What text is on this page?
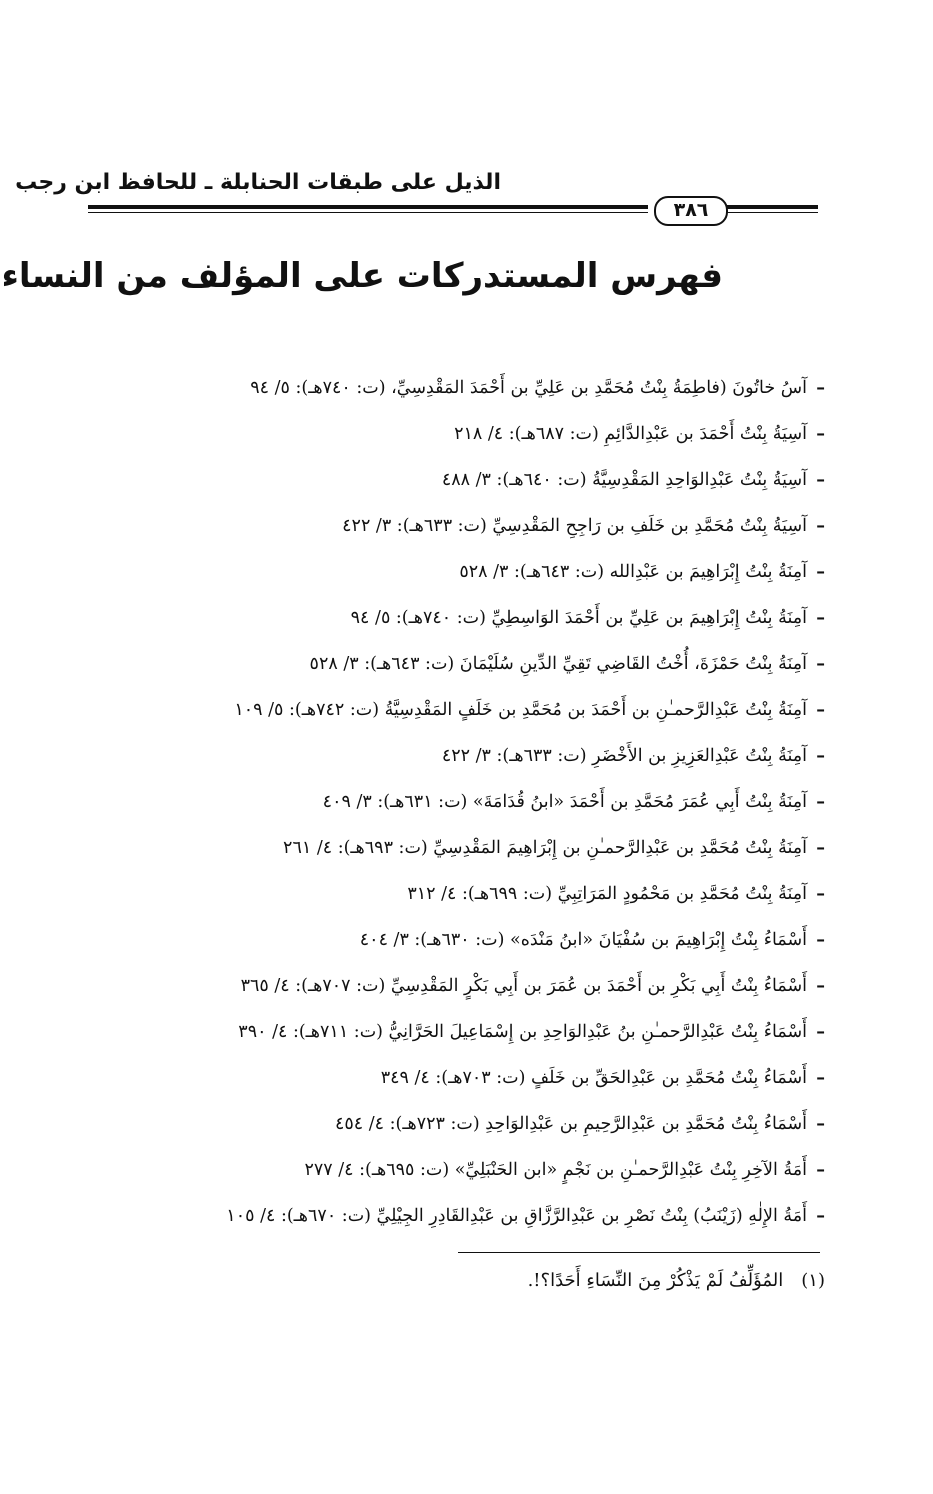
الذيل على طبقات الحنابلة ـ للحافظ ابن رجب
٣٨٦
فهرس المستدركات على المؤلف من النساء
–آسُ خاتُونَ (فاطِمَةُ بِنْتُ مُحَمَّدِ بن عَلِيِّ بن أَحْمَدَ المَقْدِسِيِّ، (ت: ٧٤٠هـ): ٥/ ٩٤
–آسِيَةُ بِنْتُ أَحْمَدَ بن عَبْدِالدَّائِمِ (ت: ٦٨٧هـ): ٤/ ٢١٨
–آسِيَةُ بِنْتُ عَبْدِالوَاحِدِ المَقْدِسِيَّةُ (ت: ٦٤٠هـ): ٣/ ٤٨٨
–آسِيَةُ بِنْتُ مُحَمَّدِ بن خَلَفِ بن رَاجِحِ المَقْدِسِيِّ (ت: ٦٣٣هـ): ٣/ ٤٢٢
–آمِنَةُ بِنْتُ إِبْرَاهِيمَ بن عَبْدِالله (ت: ٦٤٣هـ): ٣/ ٥٢٨
–آمِنَةُ بِنْتُ إِبْرَاهِيمَ بن عَلِيِّ بن أَحْمَدَ الوَاسِطِيِّ (ت: ٧٤٠هـ): ٥/ ٩٤
–آمِنَةُ بِنْتُ حَمْزَةَ، أُخْتُ القَاضِي تَقِيِّ الدِّينِ سُلَيْمَانَ (ت: ٦٤٣هـ): ٣/ ٥٢٨
–آمِنَةُ بِنْتُ عَبْدِالرَّحمـٰنِ بن أَحْمَدَ بن مُحَمَّدِ بن خَلَفٍ المَقْدِسِيَّةُ (ت: ٧٤٢هـ): ٥/ ١٠٩
–آمِنَةُ بِنْتُ عَبْدِالعَزِيزِ بن الأَخْضَرِ (ت: ٦٣٣هـ): ٣/ ٤٢٢
–آمِنَةُ بِنْتُ أَبِي عُمَرَ مُحَمَّدِ بن أَحْمَدَ «ابنُ قُدَامَةَ» (ت: ٦٣١هـ): ٣/ ٤٠٩
–آمِنَةُ بِنْتُ مُحَمَّدِ بن عَبْدِالرَّحمـٰنِ بن إِبْرَاهِيمَ المَقْدِسِيِّ (ت: ٦٩٣هـ): ٤/ ٢٦١
–آمِنَةُ بِنْتُ مُحَمَّدِ بن مَحْمُودٍ المَرَاتِبِيِّ (ت: ٦٩٩هـ): ٤/ ٣١٢
–أَسْمَاءُ بِنْتُ إِبْرَاهِيمَ بن سُفْيَانَ «ابنُ مَنْدَه» (ت: ٦٣٠هـ): ٣/ ٤٠٤
–أَسْمَاءُ بِنْتُ أَبِي بَكْرِ بن أَحْمَدَ بن عُمَرَ بن أَبِي بَكْرٍ المَقْدِسِيِّ (ت: ٧٠٧هـ): ٤/ ٣٦٥
–أَسْمَاءُ بِنْتُ عَبْدِالرَّحمـٰنِ بنُ عَبْدِالوَاحِدِ بن إِسْمَاعِيلَ الحَرَّانِيُّ (ت: ٧١١هـ): ٤/ ٣٩٠
–أَسْمَاءُ بِنْتُ مُحَمَّدِ بن عَبْدِالحَقِّ بن خَلَفٍ (ت: ٧٠٣هـ): ٤/ ٣٤٩
–أَسْمَاءُ بِنْتُ مُحَمَّدِ بن عَبْدِالرَّحِيمِ بن عَبْدِالوَاحِدِ (ت: ٧٢٣هـ): ٤/ ٤٥٤
–أَمَةُ الآخِرِ بِنْتُ عَبْدِالرَّحمـٰنِ بن نَجْمٍ «ابن الحَنْبَلِيِّ» (ت: ٦٩٥هـ): ٤/ ٢٧٧
–أَمَةُ الإِلٰهِ (زَيْنَبُ) بِنْتُ نَصْرِ بن عَبْدِالرَّزَّاقِ بن عَبْدِالقَادِرِ الجِيْلِيِّ (ت: ٦٧٠هـ): ٤/ ١٠٥
(١)المُؤَلِّفُ لَمْ يَذْكُرْ مِنَ النِّسَاءِ أَحَدًا؟!.
